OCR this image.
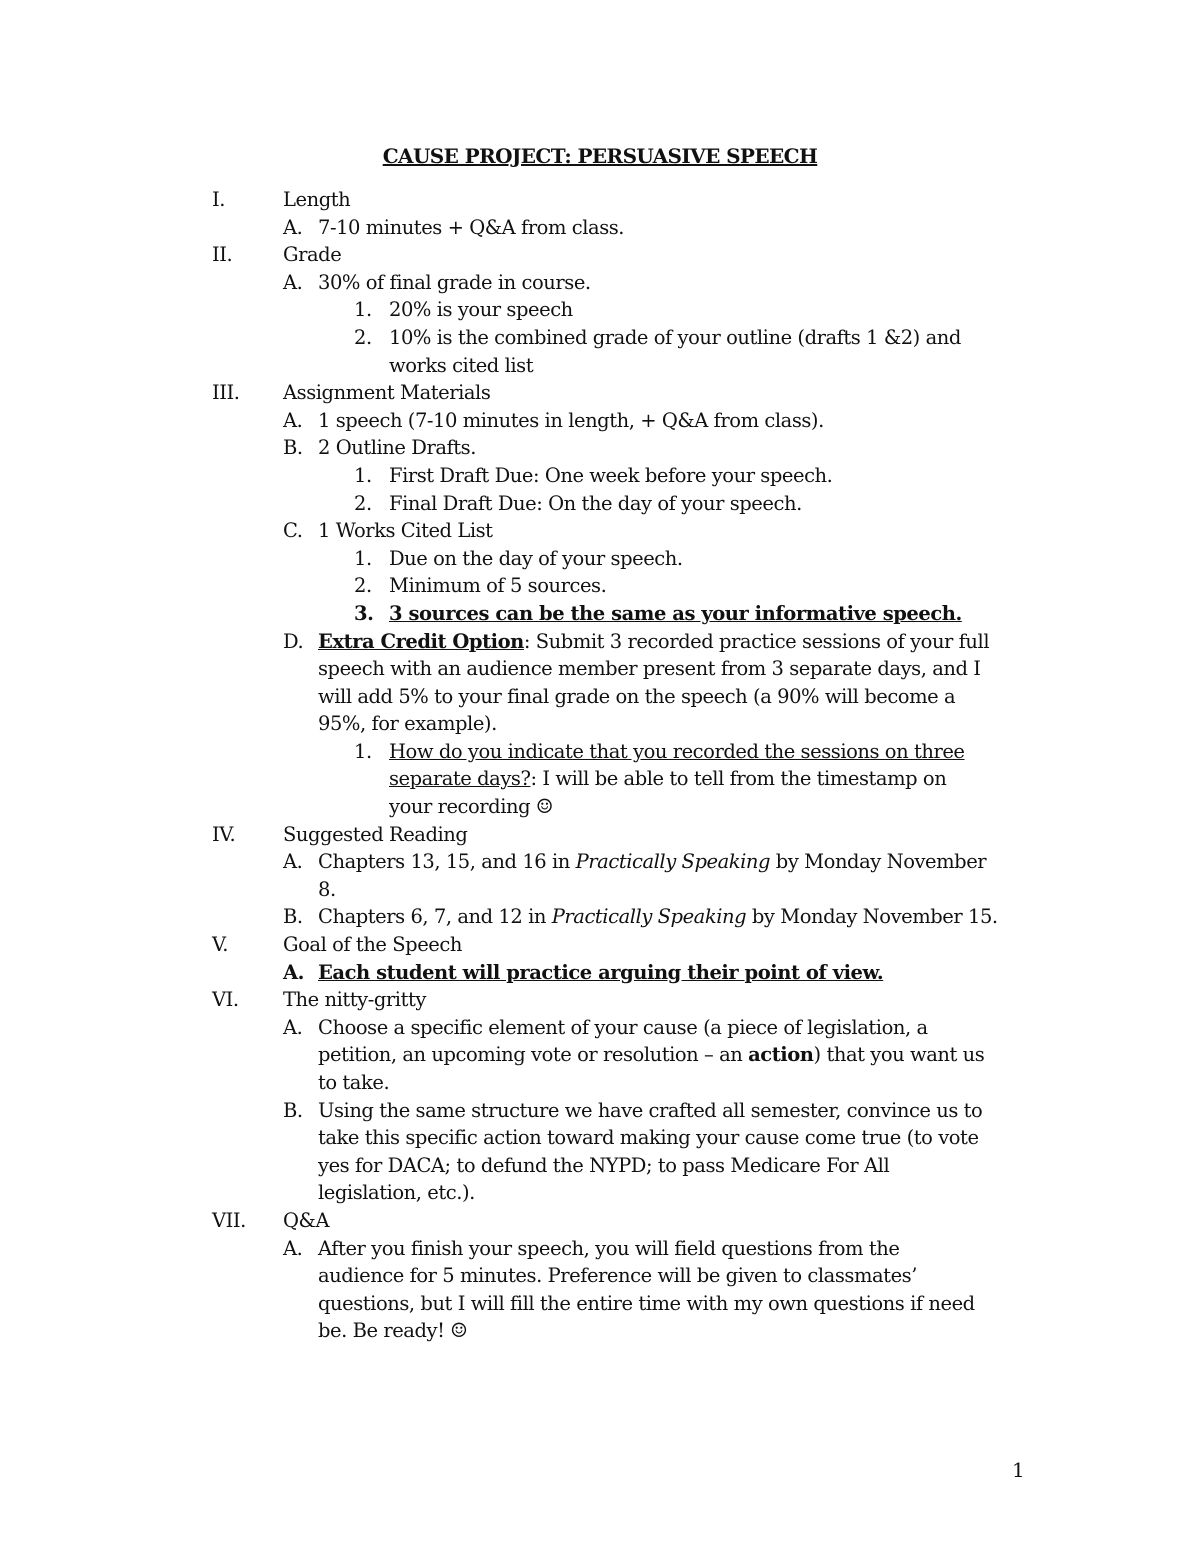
CAUSE PROJECT: PERSUASIVE SPEECH
I.	Length
A. 7-10 minutes + Q&A from class.
II.	Grade
A. 30% of final grade in course.
1. 20% is your speech
2. 10% is the combined grade of your outline (drafts 1 &2) and
works cited list
III. Assignment Materials
A. 1 speech (7-10 minutes in length, + Q&A from class).
B. 2 Outline Drafts.
1. First Draft Due: One week before your speech.
2. Final Draft Due: On the day of your speech.
C. 1 Works Cited List
1. Due on the day of your speech.
2. Minimum of 5 sources.
3. 3 sources can be the same as your informative speech.
D. Extra Credit Option: Submit 3 recorded practice sessions of your full
speech with an audience member present from 3 separate days, and I
will add 5% to your final grade on the speech (a 90% will become a
95%, for example).
1. How do you indicate that you recorded the sessions on three
separate days?: I will be able to tell from the timestamp on
your recording ☺
IV. Suggested Reading
A. Chapters 13, 15, and 16 in Practically Speaking by Monday November
8.
B. Chapters 6, 7, and 12 in Practically Speaking by Monday November 15.
V.	Goal of the Speech
A. Each student will practice arguing their point of view.
VI. The nitty-gritty
A. Choose a specific element of your cause (a piece of legislation, a
petition, an upcoming vote or resolution – an action) that you want us
to take.
B. Using the same structure we have crafted all semester, convince us to
take this specific action toward making your cause come true (to vote
yes for DACA; to defund the NYPD; to pass Medicare For All
legislation, etc.).
VII. Q&A
A. After you finish your speech, you will field questions from the
audience for 5 minutes. Preference will be given to classmates’
questions, but I will fill the entire time with my own questions if need
be. Be ready! ☺
1
